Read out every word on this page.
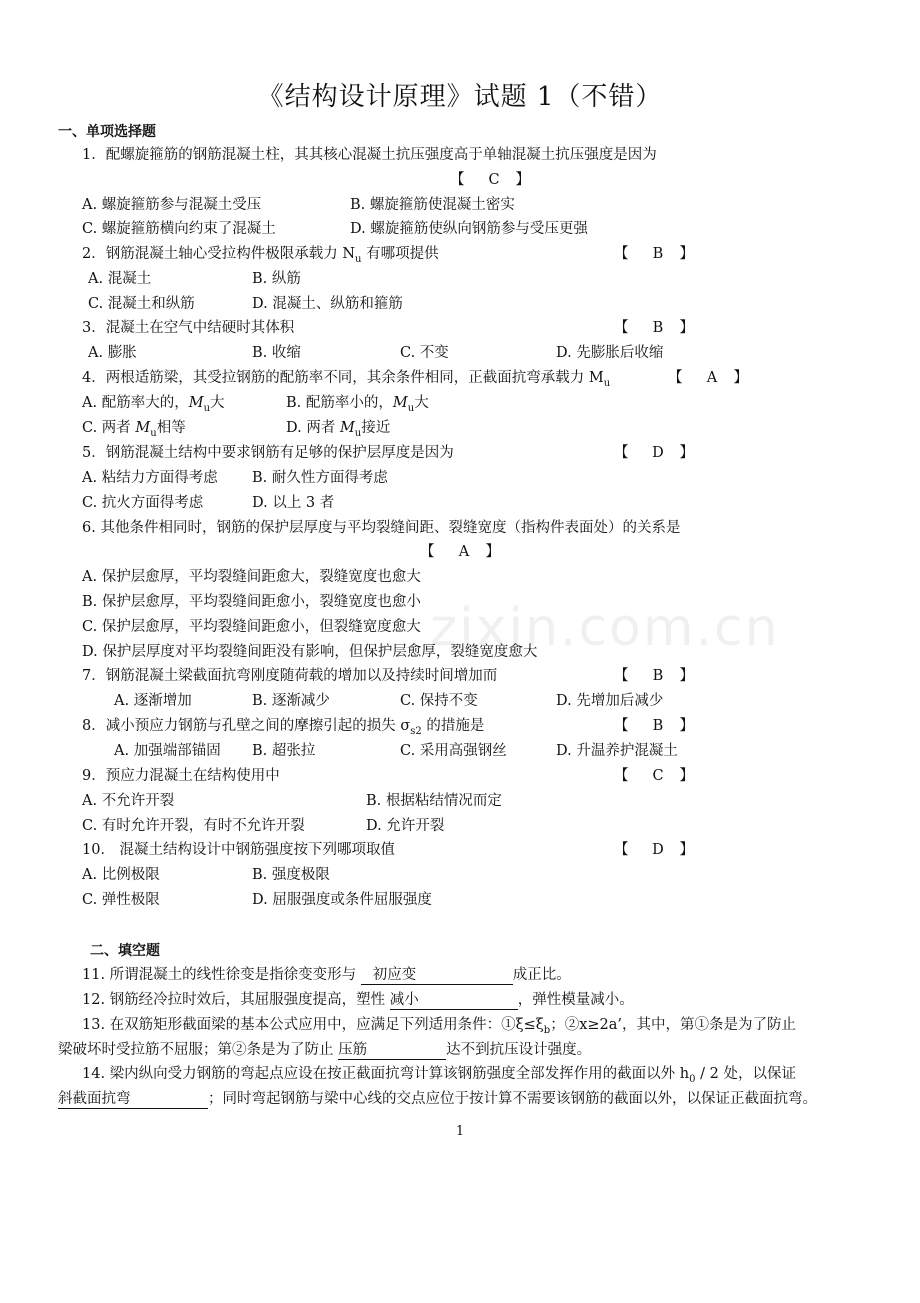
《结构设计原理》试题 1（不错）
zixin.com.cn
一、单项选择题
1．配螺旋箍筋的钢筋混凝土柱，其其核心混凝土抗压强度高于单轴混凝土抗压强度是因为
【 C 】
A. 螺旋箍筋参与混凝土受压	B. 螺旋箍筋使混凝土密实
C. 螺旋箍筋横向约束了混凝土	D. 螺旋箍筋使纵向钢筋参与受压更强
2．钢筋混凝土轴心受拉构件极限承载力 $N_u$ 有哪项提供	【 B 】
A. 混凝土	B. 纵筋
C. 混凝土和纵筋	D. 混凝土、纵筋和箍筋
3．混凝土在空气中结硬时其体积	【 B 】
A. 膨胀	B. 收缩	C. 不变	D. 先膨胀后收缩
4．两根适筋梁，其受拉钢筋的配筋率不同，其余条件相同，正截面抗弯承载力 $M_u$	【 A 】
A. 配筋率大的，$M_u$大	B. 配筋率小的，$M_u$大
C. 两者 $M_u$相等	D. 两者 $M_u$接近
5．钢筋混凝土结构中要求钢筋有足够的保护层厚度是因为	【 D 】
A. 粘结力方面得考虑 B. 耐久性方面得考虑
C. 抗火方面得考虑	D. 以上 3 者
6. 其他条件相同时，钢筋的保护层厚度与平均裂缝间距、裂缝宽度（指构件表面处）的关系是
【 A 】
A. 保护层愈厚，平均裂缝间距愈大，裂缝宽度也愈大
B. 保护层愈厚，平均裂缝间距愈小，裂缝宽度也愈小
C. 保护层愈厚，平均裂缝间距愈小，但裂缝宽度愈大
D. 保护层厚度对平均裂缝间距没有影响，但保护层愈厚，裂缝宽度愈大
7．钢筋混凝土梁截面抗弯刚度随荷载的增加以及持续时间增加而	【 B 】
A. 逐渐增加	B. 逐渐减少	C. 保持不变	D. 先增加后减少
8．减小预应力钢筋与孔壁之间的摩擦引起的损失 $\sigma_{s2}$ 的措施是	【 B 】
A. 加强端部锚固 B. 超张拉	C. 采用高强钢丝	D. 升温养护混凝土
9．预应力混凝土在结构使用中	【 C 】
A. 不允许开裂	B. 根据粘结情况而定
C. 有时允许开裂，有时不允许开裂	D. 允许开裂
10． 混凝土结构设计中钢筋强度按下列哪项取值	【 D 】
A. 比例极限	B. 强度极限
C. 弹性极限	D. 屈服强度或条件屈服强度
二、填空题
11. 所谓混凝土的线性徐变是指徐变变形与 初应变	成正比。
12. 钢筋经冷拉时效后，其屈服强度提高，塑性 减小	，弹性模量减小。
13. 在双筋矩形截面梁的基本公式应用中，应满足下列适用条件：$①\xi\le\xi_b$；②x≥2a’，其中，第①条是为了防止
梁破坏时受拉筋不屈服；第②条是为了防止 压筋	达不到抗压设计强度。
14. 梁内纵向受力钢筋的弯起点应设在按正截面抗弯计算该钢筋强度全部发挥作用的截面以外 $h_0 / 2$ 处，以保证
斜截面抗弯	；同时弯起钢筋与梁中心线的交点应位于按计算不需要该钢筋的截面以外，以保证正截面抗弯。
1
